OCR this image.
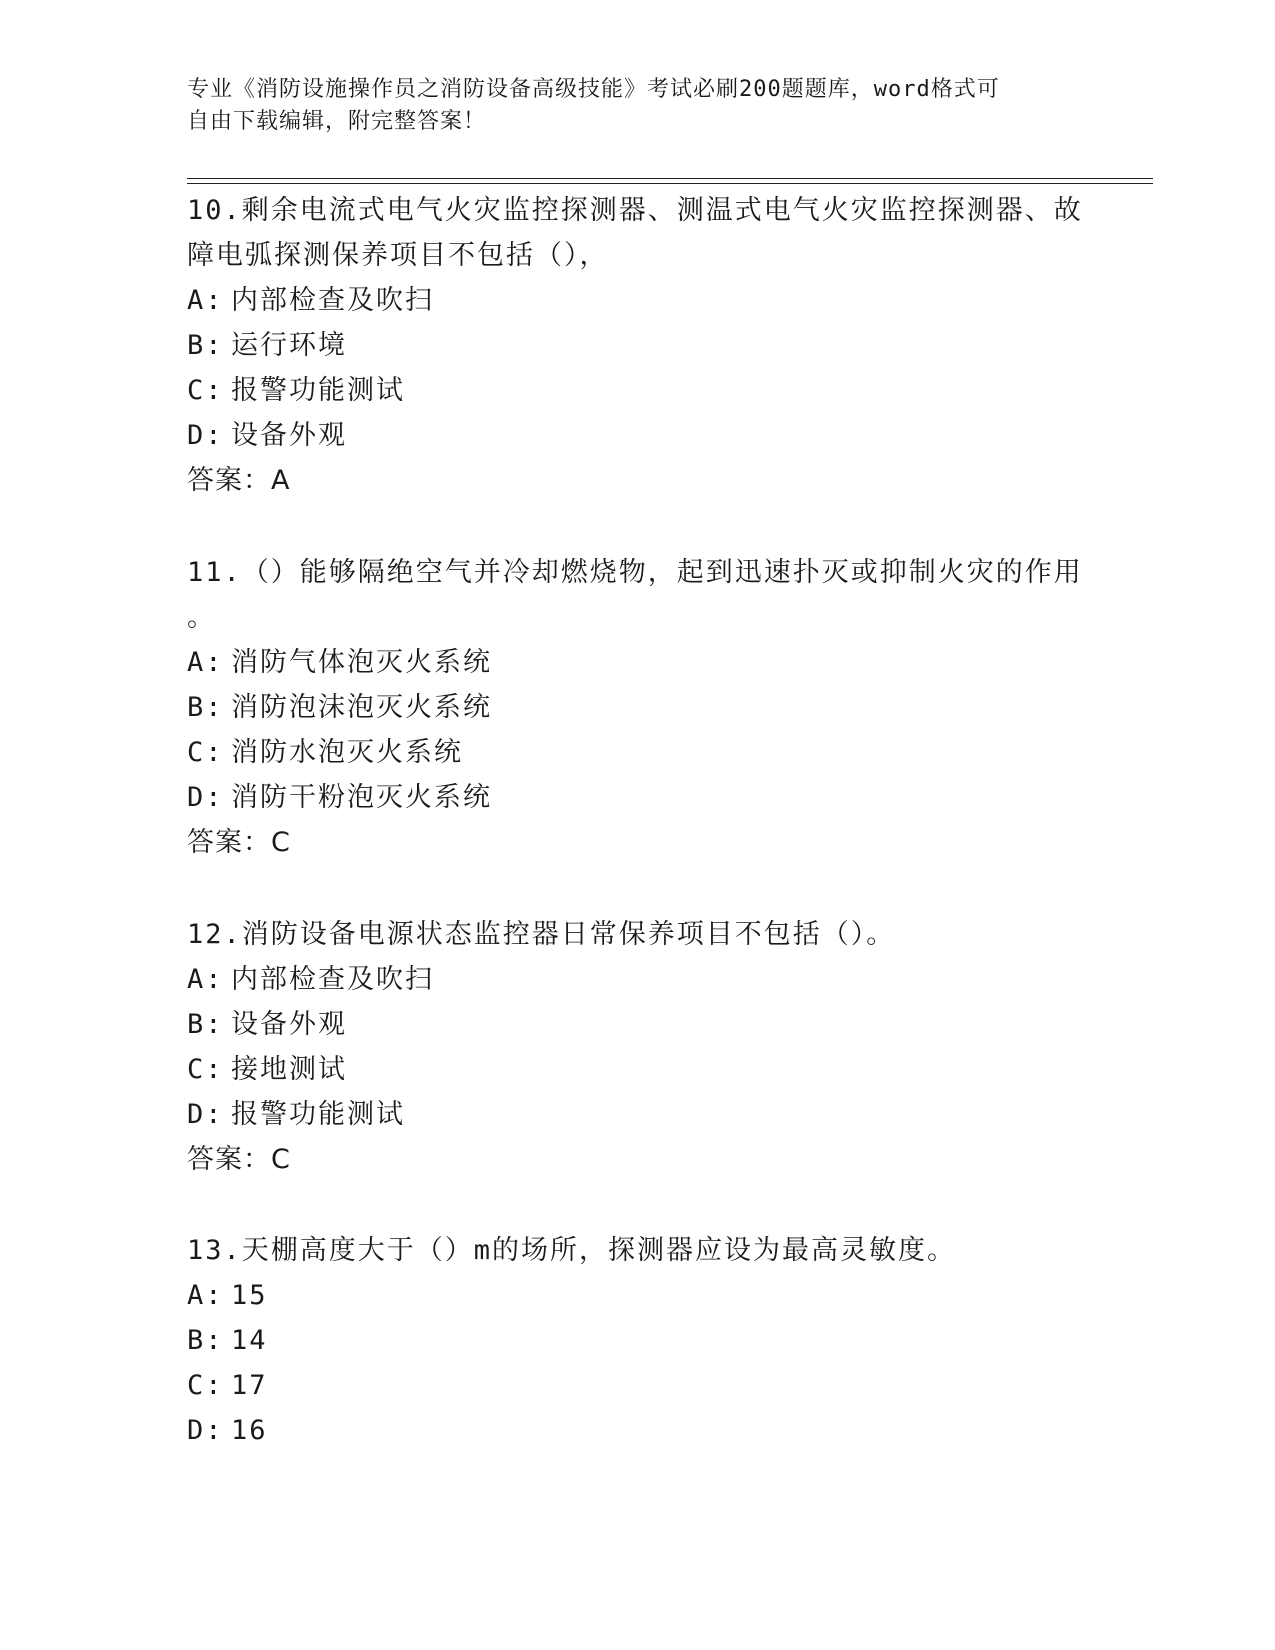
专业《消防设施操作员之消防设备高级技能》考试必刷200题题库，word格式可
自由下载编辑，附完整答案！

10.剩余电流式电气火灾监控探测器、测温式电气火灾监控探测器、故

障电弧探测保养项目不包括（），

A: 内部检查及吹扫

B: 运行环境

C: 报警功能测试

D: 设备外观

答案：A

11.（）能够隔绝空气并冷却燃烧物，起到迅速扑灭或抑制火灾的作用

。

A: 消防气体泡灭火系统

B: 消防泡沫泡灭火系统

C: 消防水泡灭火系统

D: 消防干粉泡灭火系统

答案：C

12.消防设备电源状态监控器日常保养项目不包括（）。

A: 内部检查及吹扫

B: 设备外观

C: 接地测试

D: 报警功能测试

答案：C

13.天棚高度大于（）m的场所，探测器应设为最高灵敏度。

A: 15

B: 14

C: 17

D: 16
